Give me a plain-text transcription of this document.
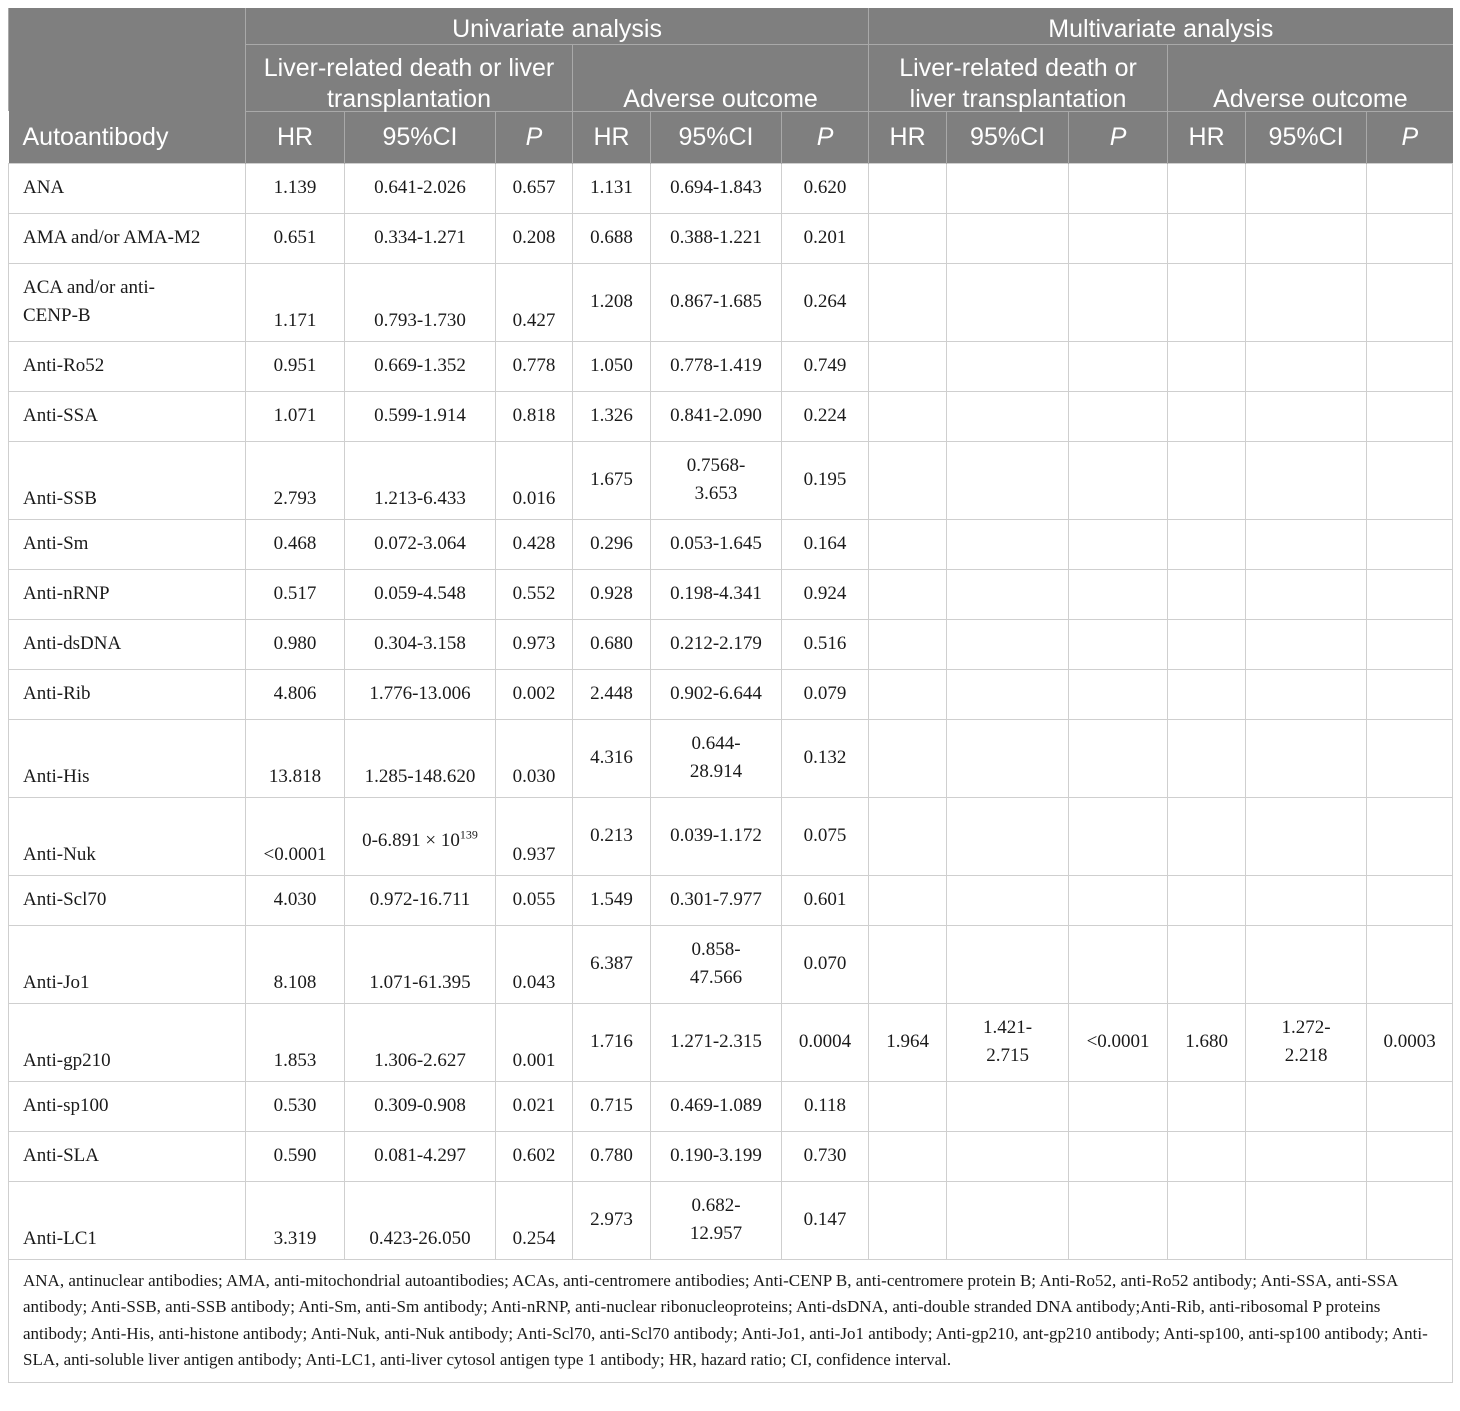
	Univariate analysis						Multivariate analysis					

	Liver-related death or liver transplantation			Adverse outcome			Liver-related death or liver transplantation			Adverse outcome		

Autoantibody	HR	95%CI	P	HR	95%CI	P	HR	95%CI	P	HR	95%CI	P
ANA	1.139	0.641-2.026	0.657	1.131	0.694-1.843	0.620						
AMA and/or AMA-M2	0.651	0.334-1.271	0.208	0.688	0.388-1.221	0.201						
ACA and/or anti-CENP-B	1.171	0.793-1.730	0.427	1.208	0.867-1.685	0.264						
Anti-Ro52	0.951	0.669-1.352	0.778	1.050	0.778-1.419	0.749						
Anti-SSA	1.071	0.599-1.914	0.818	1.326	0.841-2.090	0.224						
Anti-SSB	2.793	1.213-6.433	0.016	1.675	0.7568-3.653	0.195						
Anti-Sm	0.468	0.072-3.064	0.428	0.296	0.053-1.645	0.164						
Anti-nRNP	0.517	0.059-4.548	0.552	0.928	0.198-4.341	0.924						
Anti-dsDNA	0.980	0.304-3.158	0.973	0.680	0.212-2.179	0.516						
Anti-Rib	4.806	1.776-13.006	0.002	2.448	0.902-6.644	0.079						
Anti-His	13.818	1.285-148.620	0.030	4.316	0.644-28.914	0.132						
Anti-Nuk	<0.0001	$0-6.891 \times 10^{139}$	0.937	0.213	0.039-1.172	0.075						
Anti-Scl70	4.030	0.972-16.711	0.055	1.549	0.301-7.977	0.601						
Anti-Jo1	8.108	1.071-61.395	0.043	6.387	0.858-47.566	0.070						
Anti-gp210	1.853	1.306-2.627	0.001	1.716	1.271-2.315	0.0004	1.964	1.421-2.715	<0.0001	1.680	1.272-2.218	0.0003
Anti-sp100	0.530	0.309-0.908	0.021	0.715	0.469-1.089	0.118						
Anti-SLA	0.590	0.081-4.297	0.602	0.780	0.190-3.199	0.730						
Anti-LC1	3.319	0.423-26.050	0.254	2.973	0.682-12.957	0.147						
ANA, antinuclear antibodies; AMA, anti-mitochondrial autoantibodies; ACAs, anti-centromere antibodies; Anti-CENP B, anti-centromere protein B; Anti-Ro52, anti-Ro52 antibody; Anti-SSA, anti-SSA antibody; Anti-SSB, anti-SSB antibody; Anti-Sm, anti-Sm antibody; Anti-nRNP, anti-nuclear ribonucleoproteins; Anti-dsDNA, anti-double stranded DNA antibody;Anti-Rib, anti-ribosomal P proteins antibody; Anti-His, anti-histone antibody; Anti-Nuk, anti-Nuk antibody; Anti-Scl70, anti-Scl70 antibody; Anti-Jo1, anti-Jo1 antibody; Anti-gp210, ant-gp210 antibody; Anti-sp100, anti-sp100 antibody; Anti-SLA, anti-soluble liver antigen antibody; Anti-LC1, anti-liver cytosol antigen type 1 antibody; HR, hazard ratio; CI, confidence interval.												
